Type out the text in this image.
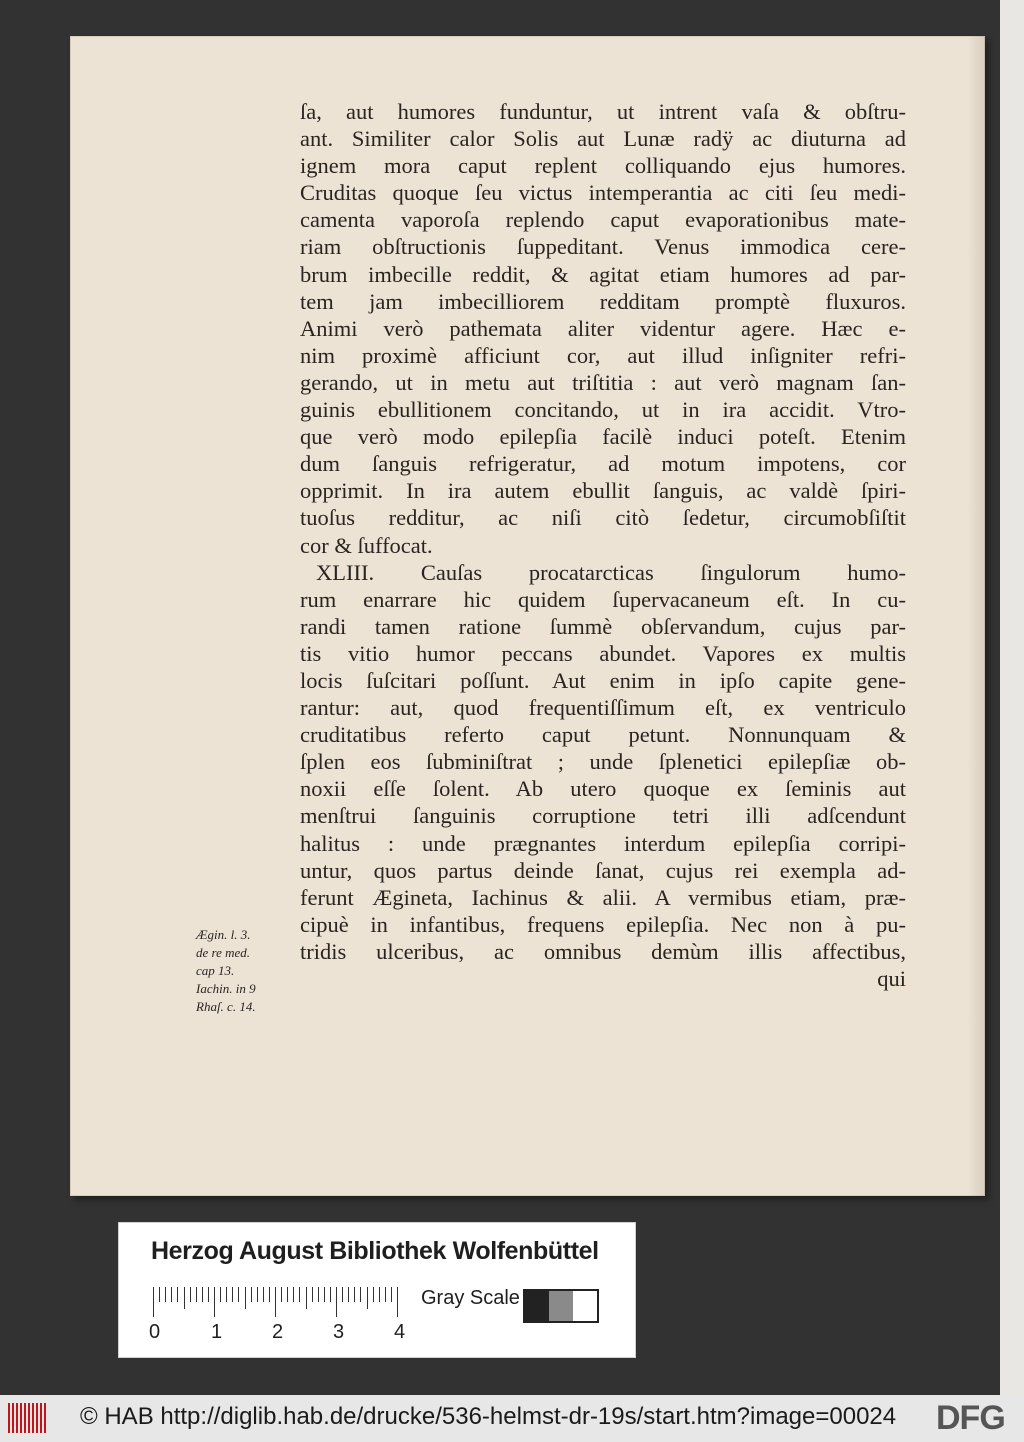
ſa, aut humores funduntur, ut intrent vaſa & obſtru-
ant. Similiter calor Solis aut Lunæ radÿ ac diuturna ad
ignem mora caput replent colliquando ejus humores.
Cruditas quoque ſeu victus intemperantia ac citi ſeu medi-
camenta vaporoſa replendo caput evaporationibus mate-
riam obſtructionis ſuppeditant. Venus immodica cere-
brum imbecille reddit, & agitat etiam humores ad par-
tem jam imbecilliorem redditam promptè fluxuros.
Animi verò pathemata aliter videntur agere. Hæc e-
nim proximè afficiunt cor, aut illud inſigniter refri-
gerando, ut in metu aut triſtitia : aut verò magnam ſan-
guinis ebullitionem concitando, ut in ira accidit. Vtro-
que verò modo epilepſia facilè induci poteſt. Etenim
dum ſanguis refrigeratur, ad motum impotens, cor
opprimit. In ira autem ebullit ſanguis, ac valdè ſpiri-
tuoſus redditur, ac niſi citò ſedetur, circumobſiſtit
cor & ſuffocat.
XLIII. Cauſas procatarcticas ſingulorum humo-
rum enarrare hic quidem ſupervacaneum eſt. In cu-
randi tamen ratione ſummè obſervandum, cujus par-
tis vitio humor peccans abundet. Vapores ex multis
locis ſuſcitari poſſunt. Aut enim in ipſo capite gene-
rantur: aut, quod frequentiſſimum eſt, ex ventriculo
cruditatibus referto caput petunt. Nonnunquam &
ſplen eos ſubminiſtrat ; unde ſplenetici epilepſiæ ob-
noxii eſſe ſolent. Ab utero quoque ex ſeminis aut
menſtrui ſanguinis corruptione tetri illi adſcendunt
halitus : unde prægnantes interdum epilepſia corripi-
untur, quos partus deinde ſanat, cujus rei exempla ad-
ferunt Æginetа, Iachinus & alii. A vermibus etiam, præ-
cipuè in infantibus, frequens epilepſia. Nec non à pu-
tridis ulceribus, ac omnibus demùm illis affectibus,
qui
Ægin. l. 3.
de re med.
cap 13.
Iachin. in 9
Rhaſ. c. 14.
Herzog August Bibliothek Wolfenbüttel
0	1 2 3 4
Gray Scale
© HAB http://diglib.hab.de/drucke/536-helmst-dr-19s/start.htm?image=00024 DFG
